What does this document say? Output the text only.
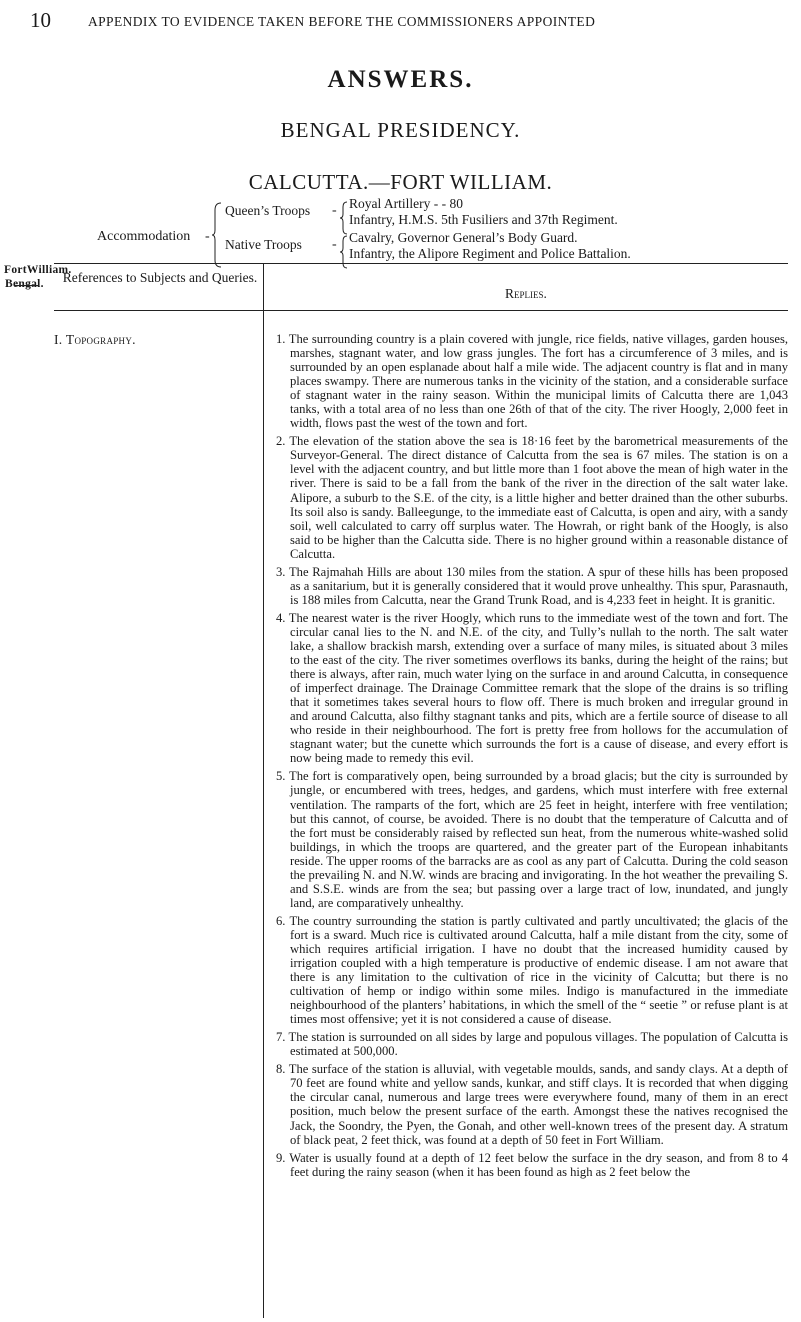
10	APPENDIX TO EVIDENCE TAKEN BEFORE THE COMMISSIONERS APPOINTED
ANSWERS.
BENGAL PRESIDENCY.
CALCUTTA.—FORT WILLIAM.
Accommodation -
Queen’s Troops
Native Troops
-
-
Royal Artillery - - 80
Infantry, H.M.S. 5th Fusiliers and 37th Regiment.
Cavalry, Governor General’s Body Guard.
Infantry, the Alipore Regiment and Police Battalion.
FortWilliam.
Bengal. References to Subjects and Queries.
Replies.
I. Topography.	1. The surrounding country is a plain covered with jungle, rice fields, native villages, garden houses, marshes, stagnant water, and low grass jungles. The fort has a circumference of 3 miles, and is surrounded by an open esplanade about half a mile wide. The adjacent country is flat and in many places swampy. There are numerous tanks in the vicinity of the station, and a considerable surface of stagnant water in the rainy season. Within the municipal limits of Calcutta there are 1,043 tanks, with a total area of no less than one 26th of that of the city. The river Hoogly, 2,000 feet in width, flows past the west of the town and fort.

2. The elevation of the station above the sea is 18·16 feet by the barometrical measurements of the Surveyor-General. The direct distance of Calcutta from the sea is 67 miles. The station is on a level with the adjacent country, and but little more than 1 foot above the mean of high water in the river. There is said to be a fall from the bank of the river in the direction of the salt water lake. Alipore, a suburb to the S.E. of the city, is a little higher and better drained than the other suburbs. Its soil also is sandy. Balleegunge, to the immediate east of Calcutta, is open and airy, with a sandy soil, well calculated to carry off surplus water. The Howrah, or right bank of the Hoogly, is also said to be higher than the Calcutta side. There is no higher ground within a reasonable distance of Calcutta.

3. The Rajmahah Hills are about 130 miles from the station. A spur of these hills has been proposed as a sanitarium, but it is generally considered that it would prove unhealthy. This spur, Parasnauth, is 188 miles from Calcutta, near the Grand Trunk Road, and is 4,233 feet in height. It is granitic.

4. The nearest water is the river Hoogly, which runs to the immediate west of the town and fort. The circular canal lies to the N. and N.E. of the city, and Tully’s nullah to the north. The salt water lake, a shallow brackish marsh, extending over a surface of many miles, is situated about 3 miles to the east of the city. The river sometimes overflows its banks, during the height of the rains; but there is always, after rain, much water lying on the surface in and around Calcutta, in consequence of imperfect drainage. The Drainage Committee remark that the slope of the drains is so trifling that it sometimes takes several hours to flow off. There is much broken and irregular ground in and around Calcutta, also filthy stagnant tanks and pits, which are a fertile source of disease to all who reside in their neighbourhood. The fort is pretty free from hollows for the accumulation of stagnant water; but the cunette which surrounds the fort is a cause of disease, and every effort is now being made to remedy this evil.

5. The fort is comparatively open, being surrounded by a broad glacis; but the city is surrounded by jungle, or encumbered with trees, hedges, and gardens, which must interfere with free external ventilation. The ramparts of the fort, which are 25 feet in height, interfere with free ventilation; but this cannot, of course, be avoided. There is no doubt that the temperature of Calcutta and of the fort must be considerably raised by reflected sun heat, from the numerous white-washed solid buildings, in which the troops are quartered, and the greater part of the European inhabitants reside. The upper rooms of the barracks are as cool as any part of Calcutta. During the cold season the prevailing N. and N.W. winds are bracing and invigorating. In the hot weather the prevailing S. and S.S.E. winds are from the sea; but passing over a large tract of low, inundated, and jungly land, are comparatively unhealthy.

6. The country surrounding the station is partly cultivated and partly uncultivated; the glacis of the fort is a sward. Much rice is cultivated around Calcutta, half a mile distant from the city, some of which requires artificial irrigation. I have no doubt that the increased humidity caused by irrigation coupled with a high temperature is productive of endemic disease. I am not aware that there is any limitation to the cultivation of rice in the vicinity of Calcutta; but there is no cultivation of hemp or indigo within some miles. Indigo is manufactured in the immediate neighbourhood of the planters’ habitations, in which the smell of the “ seetie ” or refuse plant is at times most offensive; yet it is not considered a cause of disease.

7. The station is surrounded on all sides by large and populous villages. The population of Calcutta is estimated at 500,000.

8. The surface of the station is alluvial, with vegetable moulds, sands, and sandy clays. At a depth of 70 feet are found white and yellow sands, kunkar, and stiff clays. It is recorded that when digging the circular canal, numerous and large trees were everywhere found, many of them in an erect position, much below the present surface of the earth. Amongst these the natives recognised the Jack, the Soondry, the Pyen, the Gonah, and other well-known trees of the present day. A stratum of black peat, 2 feet thick, was found at a depth of 50 feet in Fort William.

9. Water is usually found at a depth of 12 feet below the surface in the dry season, and from 8 to 4 feet during the rainy season (when it has been found as high as 2 feet below the
